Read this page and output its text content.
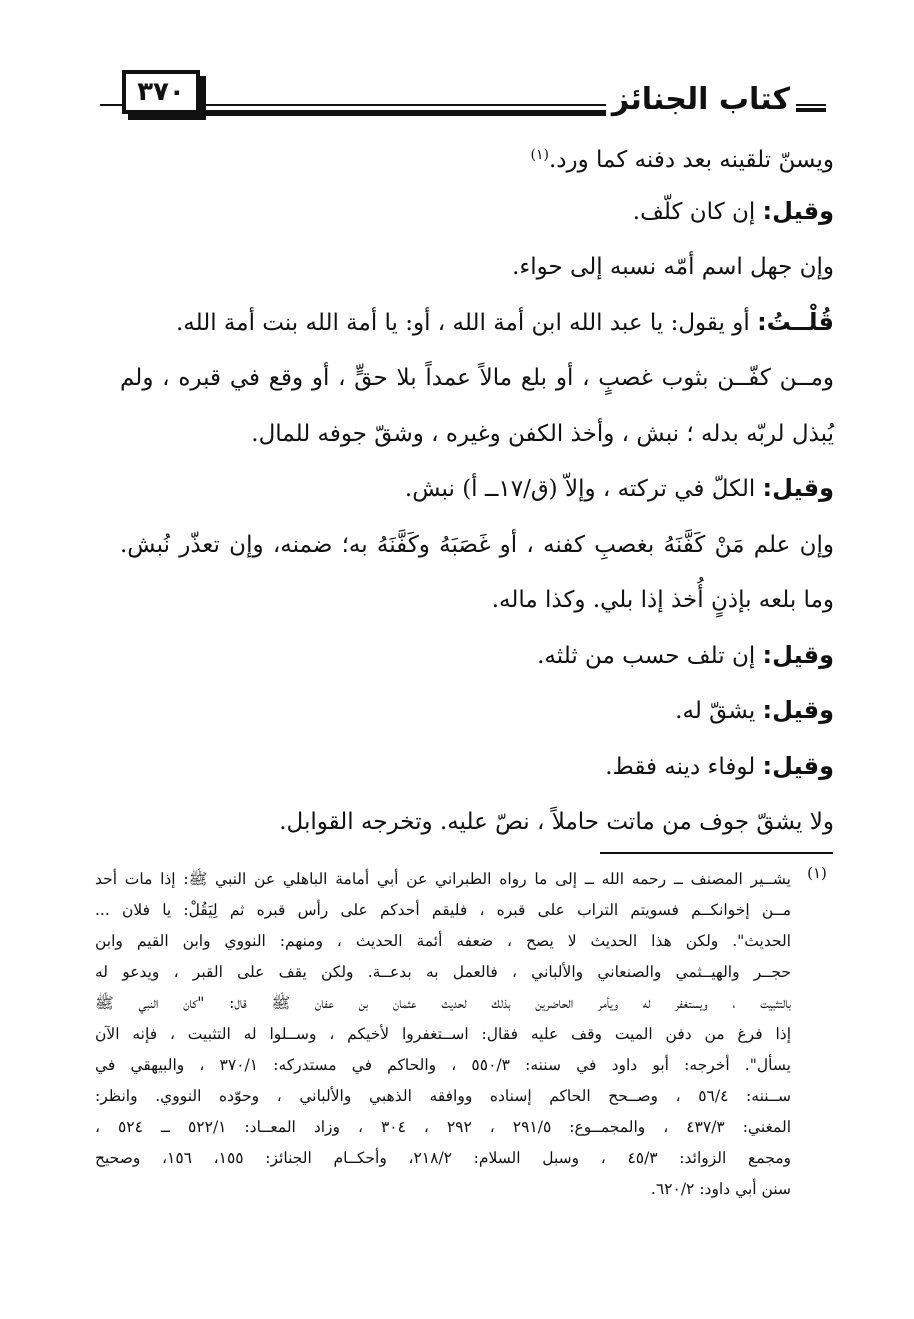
٣٧٠	كتاب الجنائز
ويسنّ تلقينه بعد دفنه كما ورد.$^{(١)}$
وقيل: إن كان كلّف.
وإن جهل اسم أمّه نسبه إلى حواء.
قُلْــتُ: أو يقول: يا عبد الله ابن أمة الله ، أو: يا أمة الله بنت أمة الله.
ومــن كفّــن بثوب غصبٍ ، أو بلع مالاً عمداً بلا حقٍّ ، أو وقع في قبره ، ولم
يُبذل لربّه بدله ؛ نبش ، وأخذ الكفن وغيره ، وشقّ جوفه للمال.
وقيل: الكلّ في تركته ، وإلاّ (ق/١٧ــ أ) نبش.
وإن علم مَنْ كَفَّنَهُ بغصبِ كفنه ، أو غَصَبَهُ وكَفَّنَهُ به؛ ضمنه، وإن تعذّر نُبش.
وما بلعه بإذنٍ أُخذ إذا بلي. وكذا ماله.
وقيل: إن تلف حسب من ثلثه.
وقيل: يشقّ له.
وقيل: لوفاء دينه فقط.
ولا يشقّ جوف من ماتت حاملاً ، نصّ عليه. وتخرجه القوابل.
(١)
يشــير المصنف ــ رحمه الله ــ إلى ما رواه الطبراني عن أبي أمامة الباهلي عن النبي ﷺ: إذا مات أحد
مــن إخوانكــم فسويتم التراب على قبره ، فليقم أحدكم على رأس قبره ثم لِيَقُلْ: يا فلان ...
الحديث". ولكن هذا الحديث لا يصح ، ضعفه أئمة الحديث ، ومنهم: النووي وابن القيم وابن
حجــر والهيــثمي والصنعاني والألباني ، فالعمل به بدعــة. ولكن يقف على القبر ، ويدعو له
بالتثبيت ، ويستغفر له ويأمر الحاضرين بذلك لحديث عثمان بن عفان ﷺ قال: "كان النبي ﷺ
إذا فرغ من دفن الميت وقف عليه فقال: اســتغفروا لأخيكم ، وســلوا له التثبيت ، فإنه الآن
يسأل". أخرجه: أبو داود في سننه: ٥٥٠/٣ ، والحاكم في مستدركه: ٣٧٠/١ ، والبيهقي في
ســننه: ٥٦/٤ ، وصــحح الحاكم إسناده ووافقه الذهبي والألباني ، وحوّده النووي. وانظر:
المغني: ٤٣٧/٣ ، والمجمــوع: ٢٩١/٥ ، ٢٩٢ ، ٣٠٤ ، وزاد المعــاد: ٥٢٢/١ ــ ٥٢٤ ،
ومجمع الزوائد: ٤٥/٣ ، وسبل السلام: ٢١٨/٢، وأحكــام الجنائز: ١٥٥، ١٥٦، وصحيح
سنن أبي داود: ٦٢٠/٢.
